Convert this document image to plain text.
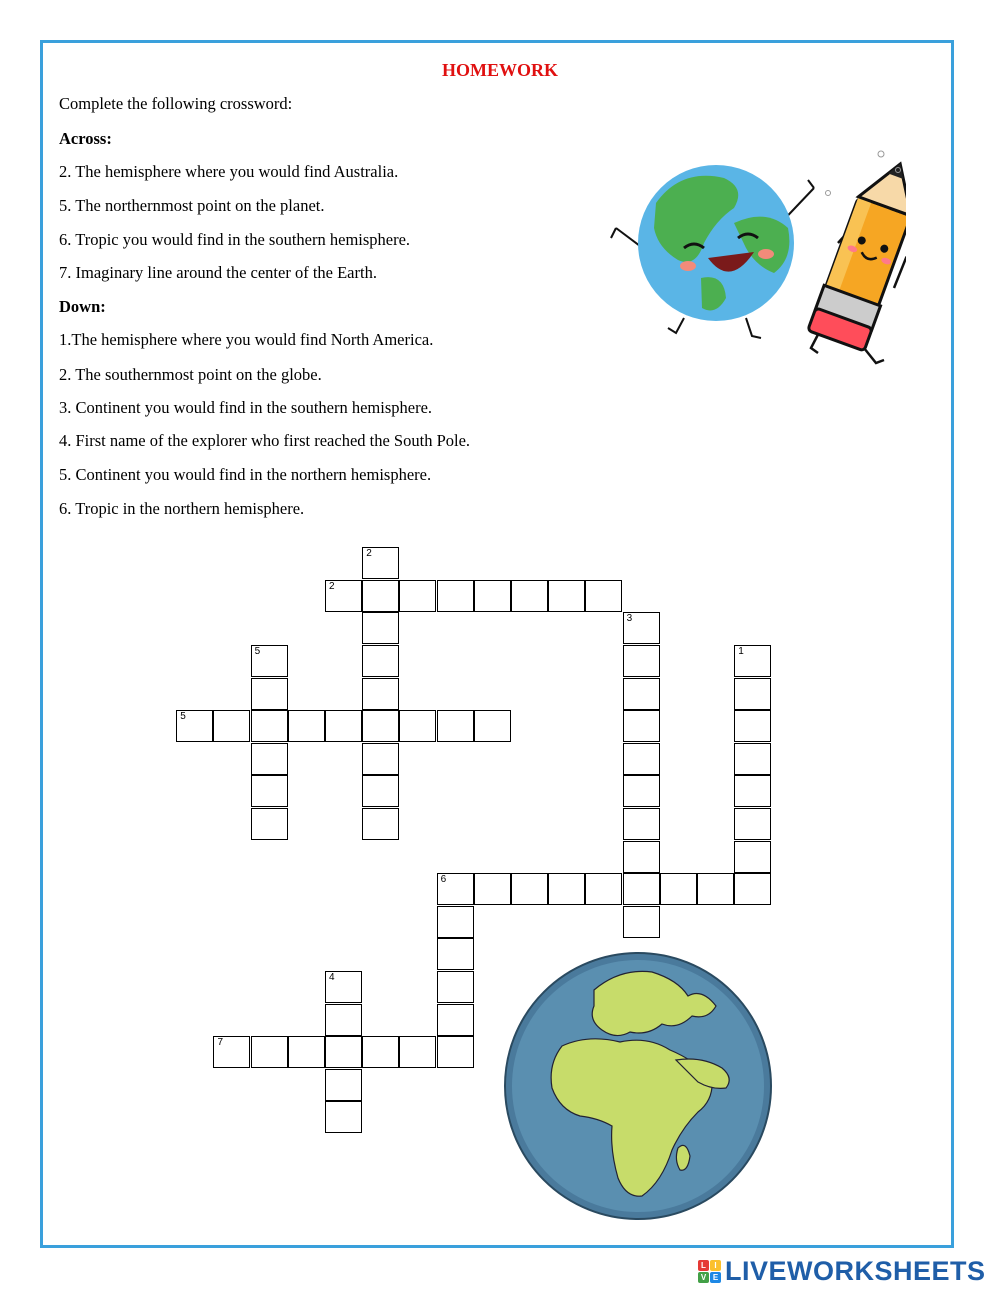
HOMEWORK
Complete the following crossword:
Across:
2. The hemisphere where you would find Australia.
5. The northernmost point on the planet.
6. Tropic you would find in the southern hemisphere.
7. Imaginary line around the center of the Earth.
Down:
1.The hemisphere where you would find North America.
2. The southernmost point on the globe.
3. Continent you would find in the southern hemisphere.
4. First name of the explorer who first reached the South Pole.
5. Continent you would find in the northern hemisphere.
6. Tropic in the northern hemisphere.
2
5
6
7
1
2
3
4
5
L	I
V E LIVEWORKSHEETS
